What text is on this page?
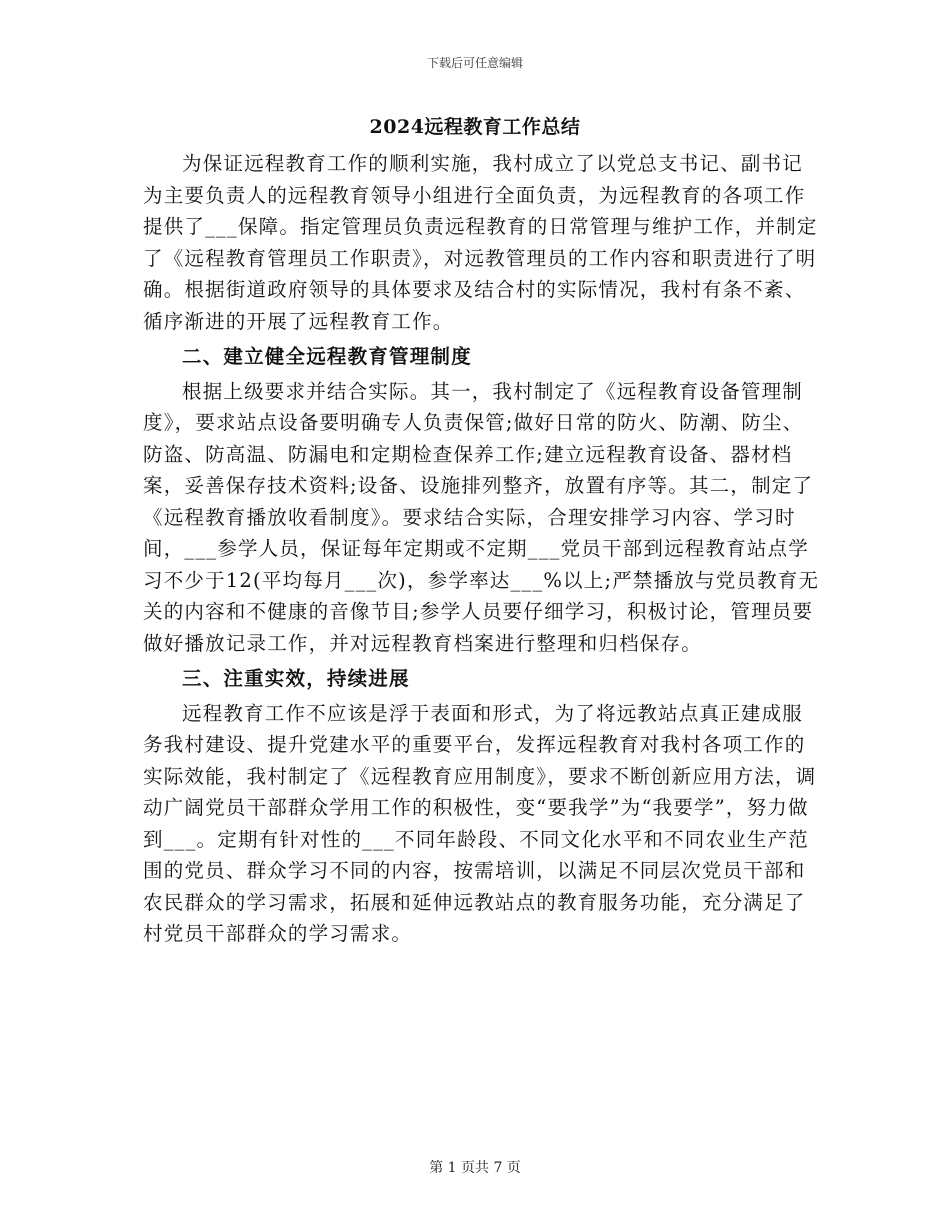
下载后可任意编辑
2024远程教育工作总结

为保证远程教育工作的顺利实施，我村成立了以党总支书记、副书记为主要负责人的远程教育领导小组进行全面负责，为远程教育的各项工作提供了___保障。指定管理员负责远程教育的日常管理与维护工作，并制定了《远程教育管理员工作职责》，对远教管理员的工作内容和职责进行了明确。根据街道政府领导的具体要求及结合村的实际情况，我村有条不紊、循序渐进的开展了远程教育工作。

二、建立健全远程教育管理制度

根据上级要求并结合实际。其一，我村制定了《远程教育设备管理制度》，要求站点设备要明确专人负责保管;做好日常的防火、防潮、防尘、防盗、防高温、防漏电和定期检查保养工作;建立远程教育设备、器材档案，妥善保存技术资料;设备、设施排列整齐，放置有序等。其二，制定了《远程教育播放收看制度》。要求结合实际，合理安排学习内容、学习时间，___参学人员，保证每年定期或不定期___党员干部到远程教育站点学习不少于12(平均每月___次)，参学率达___%以上;严禁播放与党员教育无关的内容和不健康的音像节目;参学人员要仔细学习，积极讨论，管理员要做好播放记录工作，并对远程教育档案进行整理和归档保存。

三、注重实效，持续进展

远程教育工作不应该是浮于表面和形式，为了将远教站点真正建成服务我村建设、提升党建水平的重要平台，发挥远程教育对我村各项工作的实际效能，我村制定了《远程教育应用制度》，要求不断创新应用方法，调动广阔党员干部群众学用工作的积极性，变“要我学”为“我要学”，努力做到___。定期有针对性的___不同年龄段、不同文化水平和不同农业生产范围的党员、群众学习不同的内容，按需培训，以满足不同层次党员干部和农民群众的学习需求，拓展和延伸远教站点的教育服务功能，充分满足了村党员干部群众的学习需求。

第 1 页共 7 页
